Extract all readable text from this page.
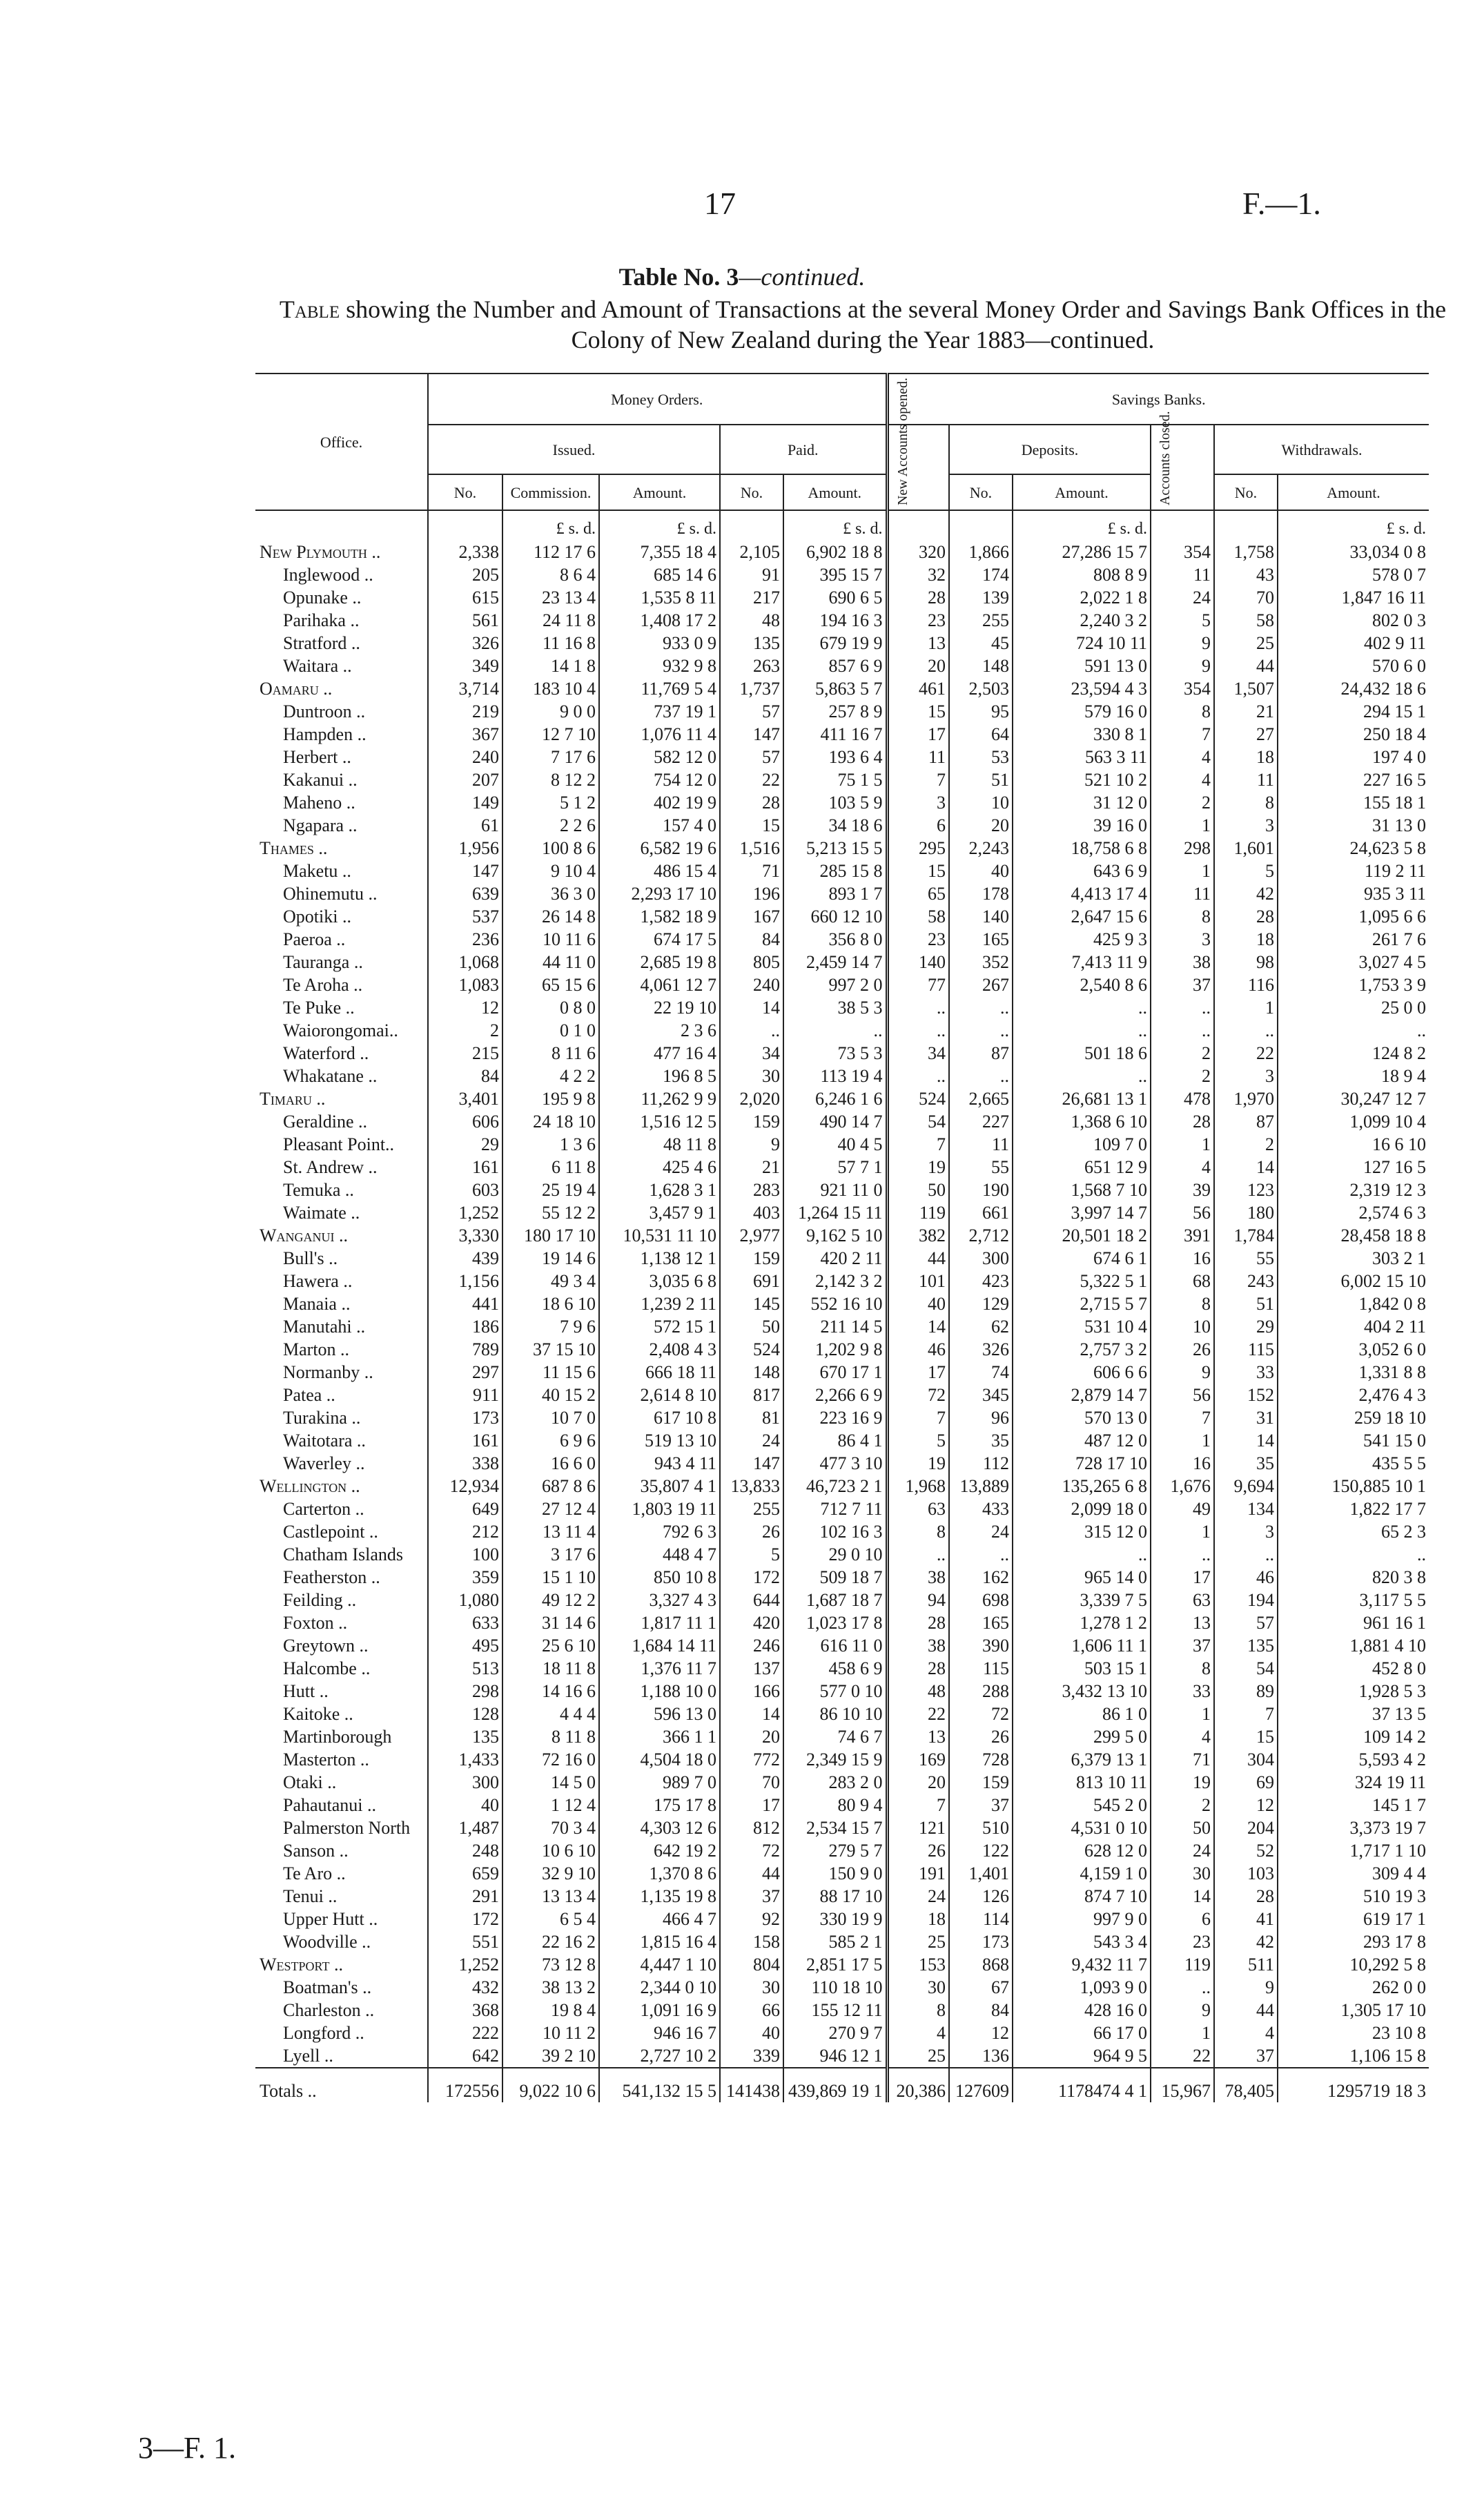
17	F.—1.
Table No. 3—continued.
Table showing the Number and Amount of Transactions at the several Money Order and Savings Bank Offices in the Colony of New Zealand during the Year 1883—continued.
Office.	Money Orders.					Savings Banks.					
	Issued.			Paid.		New Accounts opened.	Deposits.		Accounts closed.	Withdrawals.	
	No.	Commission.	Amount.	No.	Amount.		No.	Amount.		No.	Amount.
		£ s. d.	£ s. d.		£ s. d.			£ s. d.			£ s. d.
New Plymouth ..	2,338	112 17 6	7,355 18 4	2,105	6,902 18 8	320	1,866	27,286 15 7	354	1,758	33,034 0 8
Inglewood ..	205	8 6 4	685 14 6	91	395 15 7	32	174	808 8 9	11	43	578 0 7
Opunake ..	615	23 13 4	1,535 8 11	217	690 6 5	28	139	2,022 1 8	24	70	1,847 16 11
Parihaka ..	561	24 11 8	1,408 17 2	48	194 16 3	23	255	2,240 3 2	5	58	802 0 3
Stratford ..	326	11 16 8	933 0 9	135	679 19 9	13	45	724 10 11	9	25	402 9 11
Waitara ..	349	14 1 8	932 9 8	263	857 6 9	20	148	591 13 0	9	44	570 6 0
Oamaru ..	3,714	183 10 4	11,769 5 4	1,737	5,863 5 7	461	2,503	23,594 4 3	354	1,507	24,432 18 6
Duntroon ..	219	9 0 0	737 19 1	57	257 8 9	15	95	579 16 0	8	21	294 15 1
Hampden ..	367	12 7 10	1,076 11 4	147	411 16 7	17	64	330 8 1	7	27	250 18 4
Herbert ..	240	7 17 6	582 12 0	57	193 6 4	11	53	563 3 11	4	18	197 4 0
Kakanui ..	207	8 12 2	754 12 0	22	75 1 5	7	51	521 10 2	4	11	227 16 5
Maheno ..	149	5 1 2	402 19 9	28	103 5 9	3	10	31 12 0	2	8	155 18 1
Ngapara ..	61	2 2 6	157 4 0	15	34 18 6	6	20	39 16 0	1	3	31 13 0
Thames ..	1,956	100 8 6	6,582 19 6	1,516	5,213 15 5	295	2,243	18,758 6 8	298	1,601	24,623 5 8
Maketu ..	147	9 10 4	486 15 4	71	285 15 8	15	40	643 6 9	1	5	119 2 11
Ohinemutu ..	639	36 3 0	2,293 17 10	196	893 1 7	65	178	4,413 17 4	11	42	935 3 11
Opotiki ..	537	26 14 8	1,582 18 9	167	660 12 10	58	140	2,647 15 6	8	28	1,095 6 6
Paeroa ..	236	10 11 6	674 17 5	84	356 8 0	23	165	425 9 3	3	18	261 7 6
Tauranga ..	1,068	44 11 0	2,685 19 8	805	2,459 14 7	140	352	7,413 11 9	38	98	3,027 4 5
Te Aroha ..	1,083	65 15 6	4,061 12 7	240	997 2 0	77	267	2,540 8 6	37	116	1,753 3 9
Te Puke ..	12	0 8 0	22 19 10	14	38 5 3	..	..	..	..	1	25 0 0
Waiorongomai..	2	0 1 0	2 3 6	..	..	..	..	..	..	..	..
Waterford ..	215	8 11 6	477 16 4	34	73 5 3	34	87	501 18 6	2	22	124 8 2
Whakatane ..	84	4 2 2	196 8 5	30	113 19 4	..	..	..	2	3	18 9 4
Timaru ..	3,401	195 9 8	11,262 9 9	2,020	6,246 1 6	524	2,665	26,681 13 1	478	1,970	30,247 12 7
Geraldine ..	606	24 18 10	1,516 12 5	159	490 14 7	54	227	1,368 6 10	28	87	1,099 10 4
Pleasant Point..	29	1 3 6	48 11 8	9	40 4 5	7	11	109 7 0	1	2	16 6 10
St. Andrew ..	161	6 11 8	425 4 6	21	57 7 1	19	55	651 12 9	4	14	127 16 5
Temuka ..	603	25 19 4	1,628 3 1	283	921 11 0	50	190	1,568 7 10	39	123	2,319 12 3
Waimate ..	1,252	55 12 2	3,457 9 1	403	1,264 15 11	119	661	3,997 14 7	56	180	2,574 6 3
Wanganui ..	3,330	180 17 10	10,531 11 10	2,977	9,162 5 10	382	2,712	20,501 18 2	391	1,784	28,458 18 8
Bull's ..	439	19 14 6	1,138 12 1	159	420 2 11	44	300	674 6 1	16	55	303 2 1
Hawera ..	1,156	49 3 4	3,035 6 8	691	2,142 3 2	101	423	5,322 5 1	68	243	6,002 15 10
Manaia ..	441	18 6 10	1,239 2 11	145	552 16 10	40	129	2,715 5 7	8	51	1,842 0 8
Manutahi ..	186	7 9 6	572 15 1	50	211 14 5	14	62	531 10 4	10	29	404 2 11
Marton ..	789	37 15 10	2,408 4 3	524	1,202 9 8	46	326	2,757 3 2	26	115	3,052 6 0
Normanby ..	297	11 15 6	666 18 11	148	670 17 1	17	74	606 6 6	9	33	1,331 8 8
Patea ..	911	40 15 2	2,614 8 10	817	2,266 6 9	72	345	2,879 14 7	56	152	2,476 4 3
Turakina ..	173	10 7 0	617 10 8	81	223 16 9	7	96	570 13 0	7	31	259 18 10
Waitotara ..	161	6 9 6	519 13 10	24	86 4 1	5	35	487 12 0	1	14	541 15 0
Waverley ..	338	16 6 0	943 4 11	147	477 3 10	19	112	728 17 10	16	35	435 5 5
Wellington ..	12,934	687 8 6	35,807 4 1	13,833	46,723 2 1	1,968	13,889	135,265 6 8	1,676	9,694	150,885 10 1
Carterton ..	649	27 12 4	1,803 19 11	255	712 7 11	63	433	2,099 18 0	49	134	1,822 17 7
Castlepoint ..	212	13 11 4	792 6 3	26	102 16 3	8	24	315 12 0	1	3	65 2 3
Chatham Islands	100	3 17 6	448 4 7	5	29 0 10	..	..	..	..	..	..
Featherston ..	359	15 1 10	850 10 8	172	509 18 7	38	162	965 14 0	17	46	820 3 8
Feilding ..	1,080	49 12 2	3,327 4 3	644	1,687 18 7	94	698	3,339 7 5	63	194	3,117 5 5
Foxton ..	633	31 14 6	1,817 11 1	420	1,023 17 8	28	165	1,278 1 2	13	57	961 16 1
Greytown ..	495	25 6 10	1,684 14 11	246	616 11 0	38	390	1,606 11 1	37	135	1,881 4 10
Halcombe ..	513	18 11 8	1,376 11 7	137	458 6 9	28	115	503 15 1	8	54	452 8 0
Hutt ..	298	14 16 6	1,188 10 0	166	577 0 10	48	288	3,432 13 10	33	89	1,928 5 3
Kaitoke ..	128	4 4 4	596 13 0	14	86 10 10	22	72	86 1 0	1	7	37 13 5
Martinborough	135	8 11 8	366 1 1	20	74 6 7	13	26	299 5 0	4	15	109 14 2
Masterton ..	1,433	72 16 0	4,504 18 0	772	2,349 15 9	169	728	6,379 13 1	71	304	5,593 4 2
Otaki ..	300	14 5 0	989 7 0	70	283 2 0	20	159	813 10 11	19	69	324 19 11
Pahautanui ..	40	1 12 4	175 17 8	17	80 9 4	7	37	545 2 0	2	12	145 1 7
Palmerston North	1,487	70 3 4	4,303 12 6	812	2,534 15 7	121	510	4,531 0 10	50	204	3,373 19 7
Sanson ..	248	10 6 10	642 19 2	72	279 5 7	26	122	628 12 0	24	52	1,717 1 10
Te Aro ..	659	32 9 10	1,370 8 6	44	150 9 0	191	1,401	4,159 1 0	30	103	309 4 4
Tenui ..	291	13 13 4	1,135 19 8	37	88 17 10	24	126	874 7 10	14	28	510 19 3
Upper Hutt ..	172	6 5 4	466 4 7	92	330 19 9	18	114	997 9 0	6	41	619 17 1
Woodville ..	551	22 16 2	1,815 16 4	158	585 2 1	25	173	543 3 4	23	42	293 17 8
Westport ..	1,252	73 12 8	4,447 1 10	804	2,851 17 5	153	868	9,432 11 7	119	511	10,292 5 8
Boatman's ..	432	38 13 2	2,344 0 10	30	110 18 10	30	67	1,093 9 0	..	9	262 0 0
Charleston ..	368	19 8 4	1,091 16 9	66	155 12 11	8	84	428 16 0	9	44	1,305 17 10
Longford ..	222	10 11 2	946 16 7	40	270 9 7	4	12	66 17 0	1	4	23 10 8
Lyell ..	642	39 2 10	2,727 10 2	339	946 12 1	25	136	964 9 5	22	37	1,106 15 8
Totals ..	172556	9,022 10 6	541,132 15 5	141438	439,869 19 1	20,386	127609	1178474 4 1	15,967	78,405	1295719 18 3
3—F. 1.
